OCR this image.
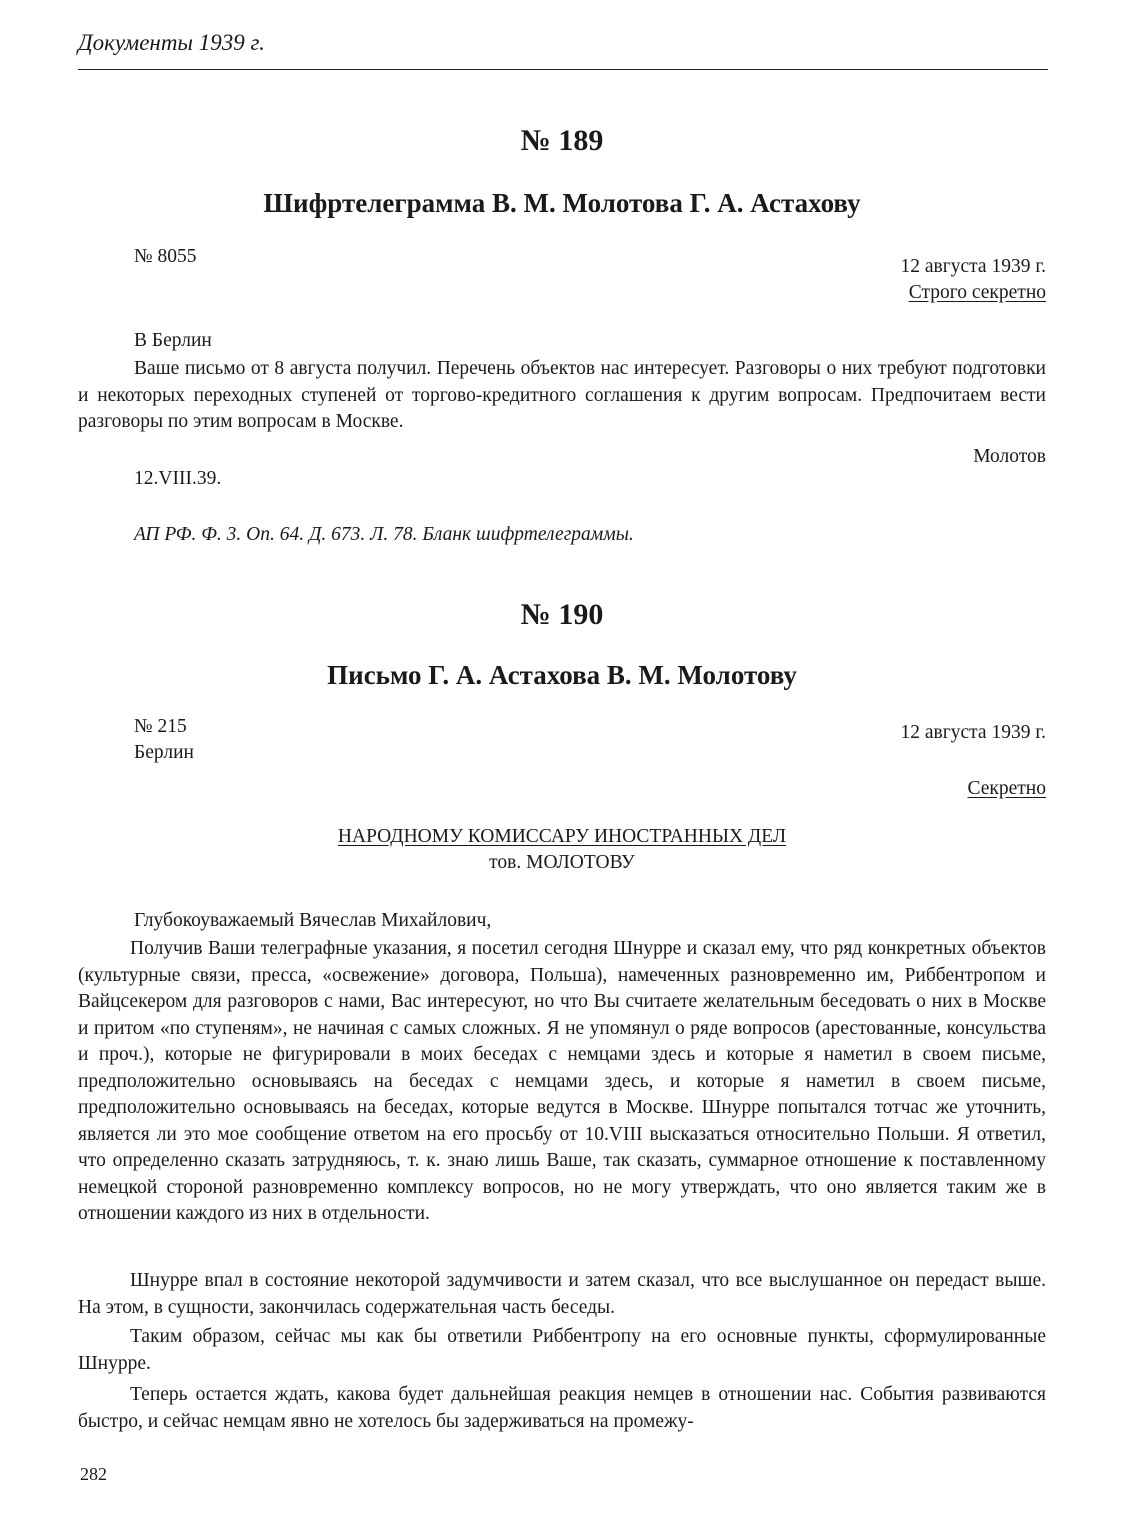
Документы 1939 г.
№ 189
Шифртелеграмма В. М. Молотова Г. А. Астахову
№ 8055	12 августа 1939 г.
Строго секретно
В Берлин
Ваше письмо от 8 августа получил. Перечень объектов нас интересует. Разговоры о них требуют подготовки и некоторых переходных ступеней от торгово-кредитного соглашения к другим вопросам. Предпочитаем вести разговоры по этим вопросам в Москве.
Молотов
12.VIII.39.
АП РФ. Ф. 3. Оп. 64. Д. 673. Л. 78. Бланк шифртелеграммы.
№ 190
Письмо Г. А. Астахова В. М. Молотову
№ 215	12 августа 1939 г.
Берлин
Секретно
НАРОДНОМУ КОМИССАРУ ИНОСТРАННЫХ ДЕЛ
тов. МОЛОТОВУ
Глубокоуважаемый Вячеслав Михайлович,
Получив Ваши телеграфные указания, я посетил сегодня Шнурре и сказал ему, что ряд конкретных объектов (культурные связи, пресса, «освежение» договора, Польша), намеченных разновременно им, Риббентропом и Вайцсекером для разговоров с нами, Вас интересуют, но что Вы считаете желательным беседовать о них в Москве и притом «по ступеням», не начиная с самых сложных. Я не упомянул о ряде вопросов (арестованные, консульства и проч.), которые не фигурировали в моих беседах с немцами здесь и которые я наметил в своем письме, предположительно основываясь на беседах с немцами здесь, и которые я наметил в своем письме, предположительно основываясь на беседах, которые ведутся в Москве. Шнурре попытался тотчас же уточнить, является ли это мое сообщение ответом на его просьбу от 10.VIII высказаться относительно Польши. Я ответил, что определенно сказать затрудняюсь, т. к. знаю лишь Ваше, так сказать, суммарное отношение к поставленному немецкой стороной разновременно комплексу вопросов, но не могу утверждать, что оно является таким же в отношении каждого из них в отдельности.
Шнурре впал в состояние некоторой задумчивости и затем сказал, что все выслушанное он передаст выше. На этом, в сущности, закончилась содержательная часть беседы.
Таким образом, сейчас мы как бы ответили Риббентропу на его основные пункты, сформулированные Шнурре.
Теперь остается ждать, какова будет дальнейшая реакция немцев в отношении нас. События развиваются быстро, и сейчас немцам явно не хотелось бы задерживаться на промежу-
282
